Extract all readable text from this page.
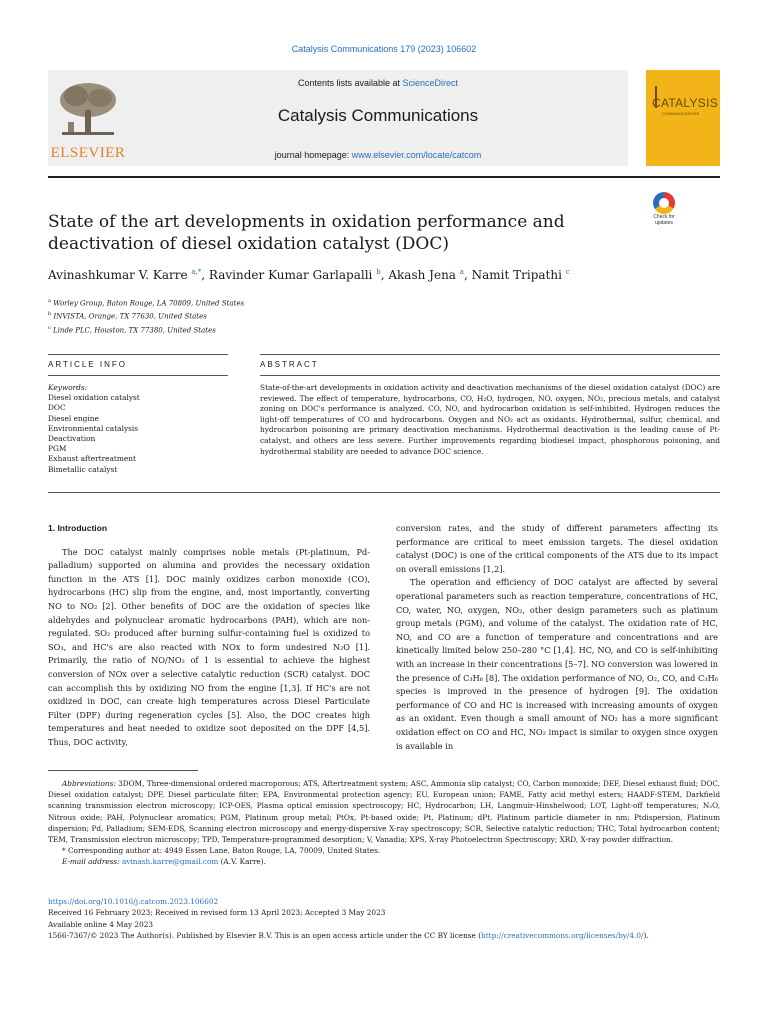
Catalysis Communications 179 (2023) 106602
ELSEVIER
Contents lists available at ScienceDirect
Catalysis Communications
journal homepage: www.elsevier.com/locate/catcom
CATALYSIS
COMMUNICATIONS
State of the art developments in oxidation performance and deactivation of diesel oxidation catalyst (DOC)
Check for
updates
Avinashkumar V. Karre $^{a,*}$, Ravinder Kumar Garlapalli $^b$, Akash Jena $^a$, Namit Tripathi $^c$
$^a$ Worley Group, Baton Rouge, LA 70809, United States
$^b$ INVISTA, Orange, TX 77630, United States
$^c$ Linde PLC, Houston, TX 77380, United States
ARTICLE INFO	ABSTRACT
Keywords:
Diesel oxidation catalyst
DOC
Diesel engine
Environmental catalysis
Deactivation
PGM
Exhaust aftertreatment
Bimetallic catalyst
State-of-the-art developments in oxidation activity and deactivation mechanisms of the diesel oxidation catalyst (DOC) are reviewed. The effect of temperature, hydrocarbons, CO, H₂O, hydrogen, NO, oxygen, NO₂, precious metals, and catalyst zoning on DOC's performance is analyzed. CO, NO, and hydrocarbon oxidation is self-inhibited. Hydrogen reduces the light-off temperatures of CO and hydrocarbons. Oxygen and NO₂ act as oxidants. Hydrothermal, sulfur, chemical, and hydrocarbon poisoning are primary deactivation mechanisms. Hydrothermal deactivation is the leading cause of Pt-catalyst, and others are less severe. Further improvements regarding biodiesel impact, phosphorous poisoning, and hydrothermal stability are needed to advance DOC science.

1. Introduction

The DOC catalyst mainly comprises noble metals (Pt-platinum, Pd-palladium) supported on alumina and provides the necessary oxidation function in the ATS [1]. DOC mainly oxidizes carbon monoxide (CO), hydrocarbons (HC) slip from the engine, and, most importantly, converting NO to NO₂ [2]. Other benefits of DOC are the oxidation of species like aldehydes and polynuclear aromatic hydrocarbons (PAH), which are non-regulated. SO₂ produced after burning sulfur-containing fuel is oxidized to SO₃, and HC's are also reacted with NOx to form undesired N₂O [1]. Primarily, the ratio of NO/NO₂ of 1 is essential to achieve the highest conversion of NOx over a selective catalytic reduction (SCR) catalyst. DOC can accomplish this by oxidizing NO from the engine [1,3]. If HC's are not oxidized in DOC, can create high temperatures across Diesel Particulate Filter (DPF) during regeneration cycles [5]. Also, the DOC creates high temperatures and heat needed to oxidize soot deposited on the DPF [4,5]. Thus, DOC activity,

conversion rates, and the study of different parameters affecting its performance are critical to meet emission targets. The diesel oxidation catalyst (DOC) is one of the critical components of the ATS due to its impact on overall emissions [1,2].

The operation and efficiency of DOC catalyst are affected by several operational parameters such as reaction temperature, concentrations of HC, CO, water, NO, oxygen, NO₂, other design parameters such as platinum group metals (PGM), and volume of the catalyst. The oxidation rate of HC, NO, and CO are a function of temperature and concentrations and are kinetically limited below 250–280 °C [1,4]. HC, NO, and CO is self-inhibiting with an increase in their concentrations [5–7]. NO conversion was lowered in the presence of C₃H₆ [8]. The oxidation performance of NO, O₂, CO, and C₃H₆ species is improved in the presence of hydrogen [9]. The oxidation performance of CO and HC is increased with increasing amounts of oxygen as an oxidant. Even though a small amount of NO₂ has a more significant oxidation effect on CO and HC, NO₂ impact is similar to oxygen since oxygen is available in

Abbreviations: 3DOM, Three-dimensional ordered macroporous; ATS, Aftertreatment system; ASC, Ammonia slip catalyst; CO, Carbon monoxide; DEF, Diesel exhaust fluid; DOC, Diesel oxidation catalyst; DPF, Diesel particulate filter; EPA, Environmental protection agency; EU, European union; FAME, Fatty acid methyl esters; HAADF-STEM, Darkfield scanning transmission electron microscopy; ICP-OES, Plasma optical emission spectroscopy; HC, Hydrocarbon; LH, Langmuir-Hinshelwood; LOT, Light-off temperatures; N₂O, Nitrous oxide; PAH, Polynuclear aromatics; PGM, Platinum group metal; PtOx, Pt-based oxide; Pt, Platinum; dPt, Platinum particle diameter in nm; Ptdispersion, Platinum dispersion; Pd, Palladium; SEM-EDS, Scanning electron microscopy and energy-dispersive X-ray spectroscopy; SCR, Selective catalytic reduction; THC, Total hydrocarbon content; TEM, Transmission electron microscopy; TPD, Temperature-programmed desorption; V, Vanadia; XPS, X-ray Photoelectron Spectroscopy; XRD, X-ray powder diffraction.

* Corresponding author at: 4949 Essen Lane, Baton Rouge, LA, 70009, United States.

E-mail address: avinash.karre@gmail.com (A.V. Karre).

https://doi.org/10.1016/j.catcom.2023.106602

Received 16 February 2023; Received in revised form 13 April 2023; Accepted 3 May 2023

Available online 4 May 2023

1566-7367/© 2023 The Author(s). Published by Elsevier B.V. This is an open access article under the CC BY license (http://creativecommons.org/licenses/by/4.0/).
